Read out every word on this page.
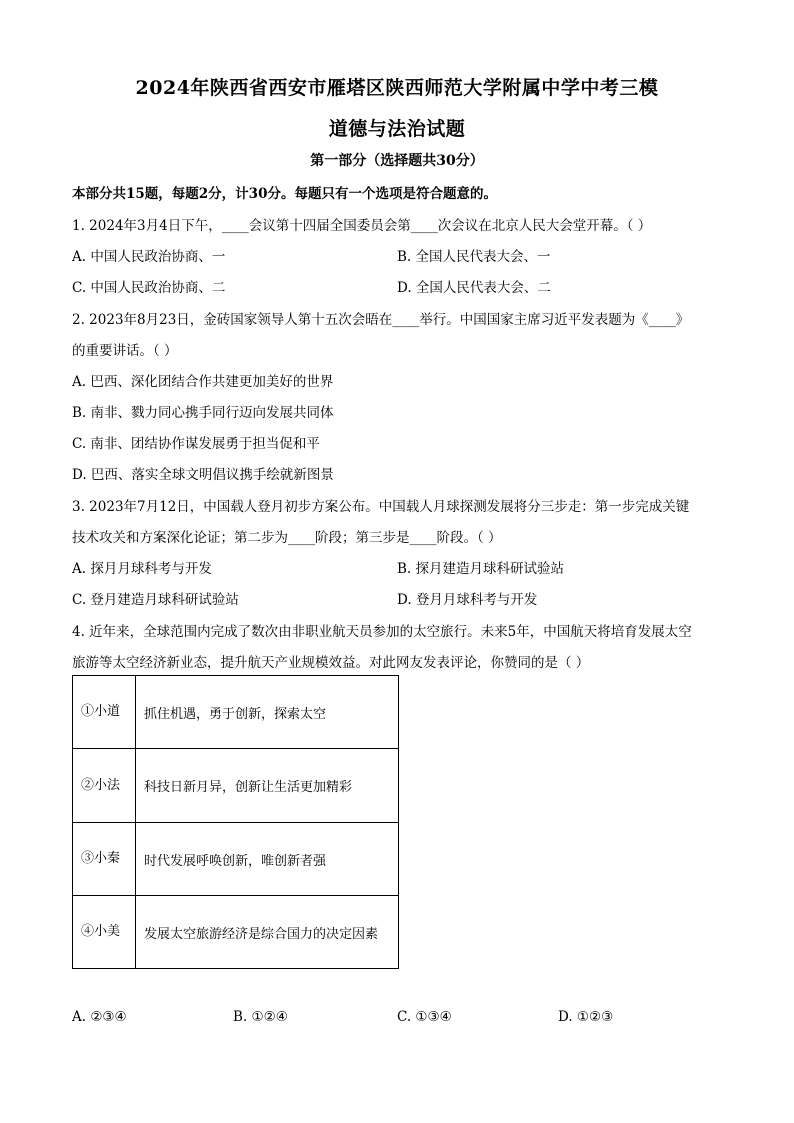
2024年陕西省西安市雁塔区陕西师范大学附属中学中考三模
道德与法治试题
第一部分（选择题共30分）
本部分共15题，每题2分，计30分。每题只有一个选项是符合题意的。
1. 2024年3月4日下午，____会议第十四届全国委员会第____次会议在北京人民大会堂开幕。（ ）
A. 中国人民政治协商、一	B. 全国人民代表大会、一
C. 中国人民政治协商、二	D. 全国人民代表大会、二
2. 2023年8月23日，金砖国家领导人第十五次会晤在____举行。中国国家主席习近平发表题为《____》
的重要讲话。（ ）
A. 巴西、深化团结合作共建更加美好的世界
B. 南非、戮力同心携手同行迈向发展共同体
C. 南非、团结协作谋发展勇于担当促和平
D. 巴西、落实全球文明倡议携手绘就新图景
3. 2023年7月12日，中国载人登月初步方案公布。中国载人月球探测发展将分三步走：第一步完成关键
技术攻关和方案深化论证；第二步为____阶段；第三步是____阶段。（ ）
A. 探月月球科考与开发	B. 探月建造月球科研试验站
C. 登月建造月球科研试验站	D. 登月月球科考与开发
4. 近年来，全球范围内完成了数次由非职业航天员参加的太空旅行。未来5年，中国航天将培育发展太空
旅游等太空经济新业态，提升航天产业规模效益。对此网友发表评论，你赞同的是（ ）
①小道	抓住机遇，勇于创新，探索太空
②小法	科技日新月异，创新让生活更加精彩
③小秦	时代发展呼唤创新，唯创新者强
④小美	发展太空旅游经济是综合国力的决定因素
A. ②③④	B. ①②④	C. ①③④	D. ①②③
